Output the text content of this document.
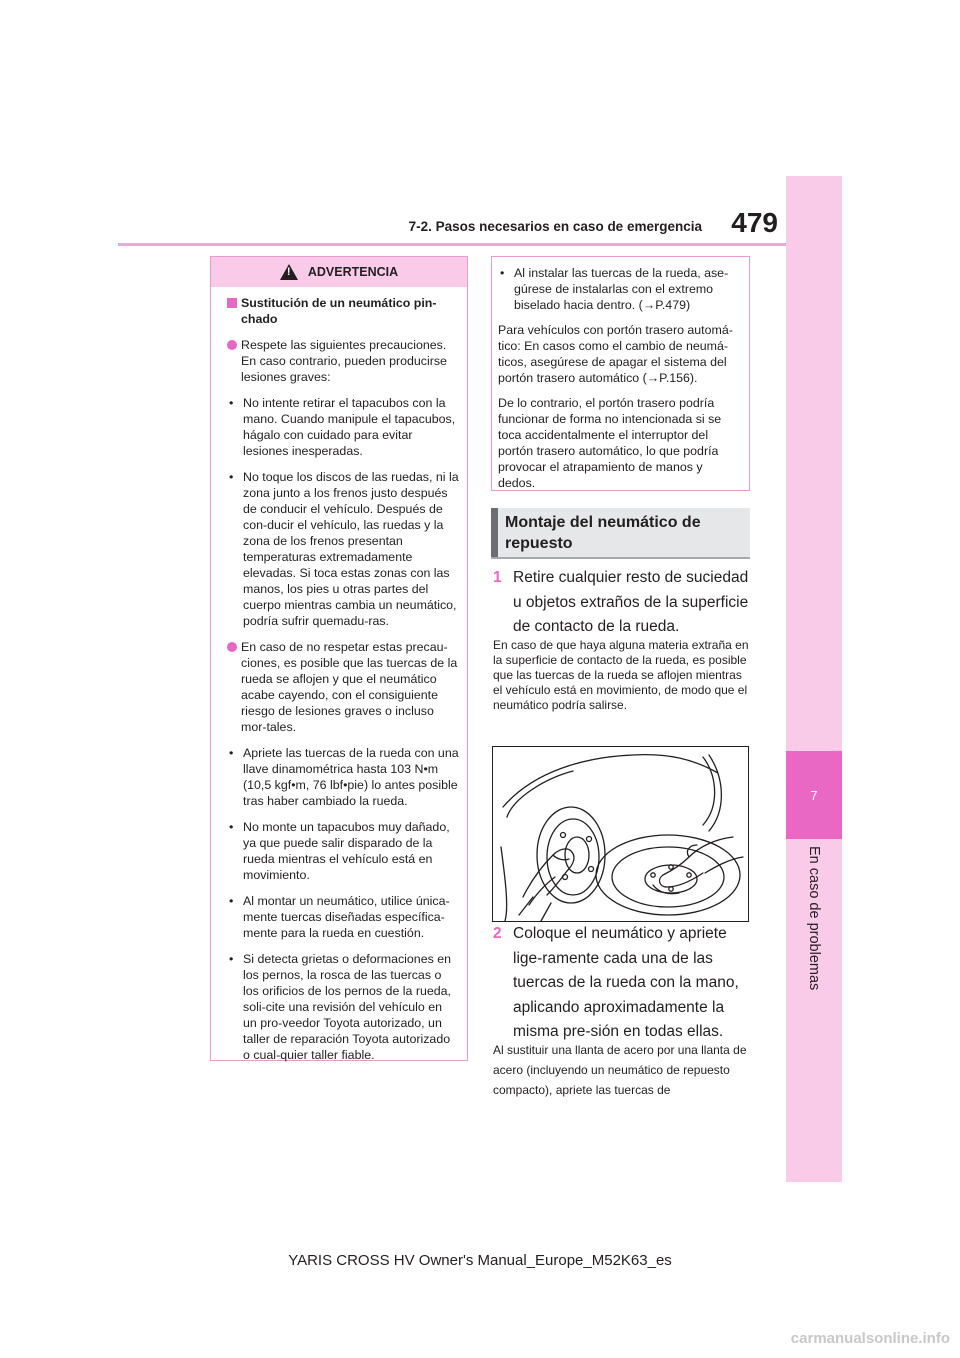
7
En caso de problemas
7-2. Pasos necesarios en caso de emergencia	479
!
ADVERTENCIA

Sustitución de un neumático pin-chado

Respete las siguientes precauciones. En caso contrario, pueden producirse lesiones graves:

• No intente retirar el tapacubos con la mano. Cuando manipule el tapacubos, hágalo con cuidado para evitar lesiones inesperadas.

• No toque los discos de las ruedas, ni la zona junto a los frenos justo después de conducir el vehículo. Después de con-ducir el vehículo, las ruedas y la zona de los frenos presentan temperaturas extremadamente elevadas. Si toca estas zonas con las manos, los pies u otras partes del cuerpo mientras cambia un neumático, podría sufrir quemadu-ras.

En caso de no respetar estas precau-ciones, es posible que las tuercas de la rueda se aflojen y que el neumático acabe cayendo, con el consiguiente riesgo de lesiones graves o incluso mor-tales.

• Apriete las tuercas de la rueda con una llave dinamométrica hasta 103 N•m (10,5 kgf•m, 76 lbf•pie) lo antes posible tras haber cambiado la rueda.

• No monte un tapacubos muy dañado, ya que puede salir disparado de la rueda mientras el vehículo está en movimiento.

• Al montar un neumático, utilice única-mente tuercas diseñadas específica-mente para la rueda en cuestión.

• Si detecta grietas o deformaciones en los pernos, la rosca de las tuercas o los orificios de los pernos de la rueda, soli-cite una revisión del vehículo en un pro-veedor Toyota autorizado, un taller de reparación Toyota autorizado o cual-quier taller fiable.

• Al instalar las tuercas de la rueda, ase-gúrese de instalarlas con el extremo biselado hacia dentro. (→P.479)

Para vehículos con portón trasero automá-tico: En casos como el cambio de neumá-ticos, asegúrese de apagar el sistema del portón trasero automático (→P.156).

De lo contrario, el portón trasero podría funcionar de forma no intencionada si se toca accidentalmente el interruptor del portón trasero automático, lo que podría provocar el atrapamiento de manos y dedos.

Montaje del neumático de repuesto
1 Retire cualquier resto de suciedad u objetos extraños de la superficie de contacto de la rueda.
En caso de que haya alguna materia extraña en la superficie de contacto de la rueda, es posible que las tuercas de la rueda se aflojen mientras el vehículo está en movimiento, de modo que el neumático podría salirse.
2 Coloque el neumático y apriete lige-ramente cada una de las tuercas de la rueda con la mano, aplicando aproximadamente la misma pre-sión en todas ellas.
Al sustituir una llanta de acero por una llanta de acero (incluyendo un neumático de repuesto compacto), apriete las tuercas de
YARIS CROSS HV Owner's Manual_Europe_M52K63_es
carmanualsonline.info
